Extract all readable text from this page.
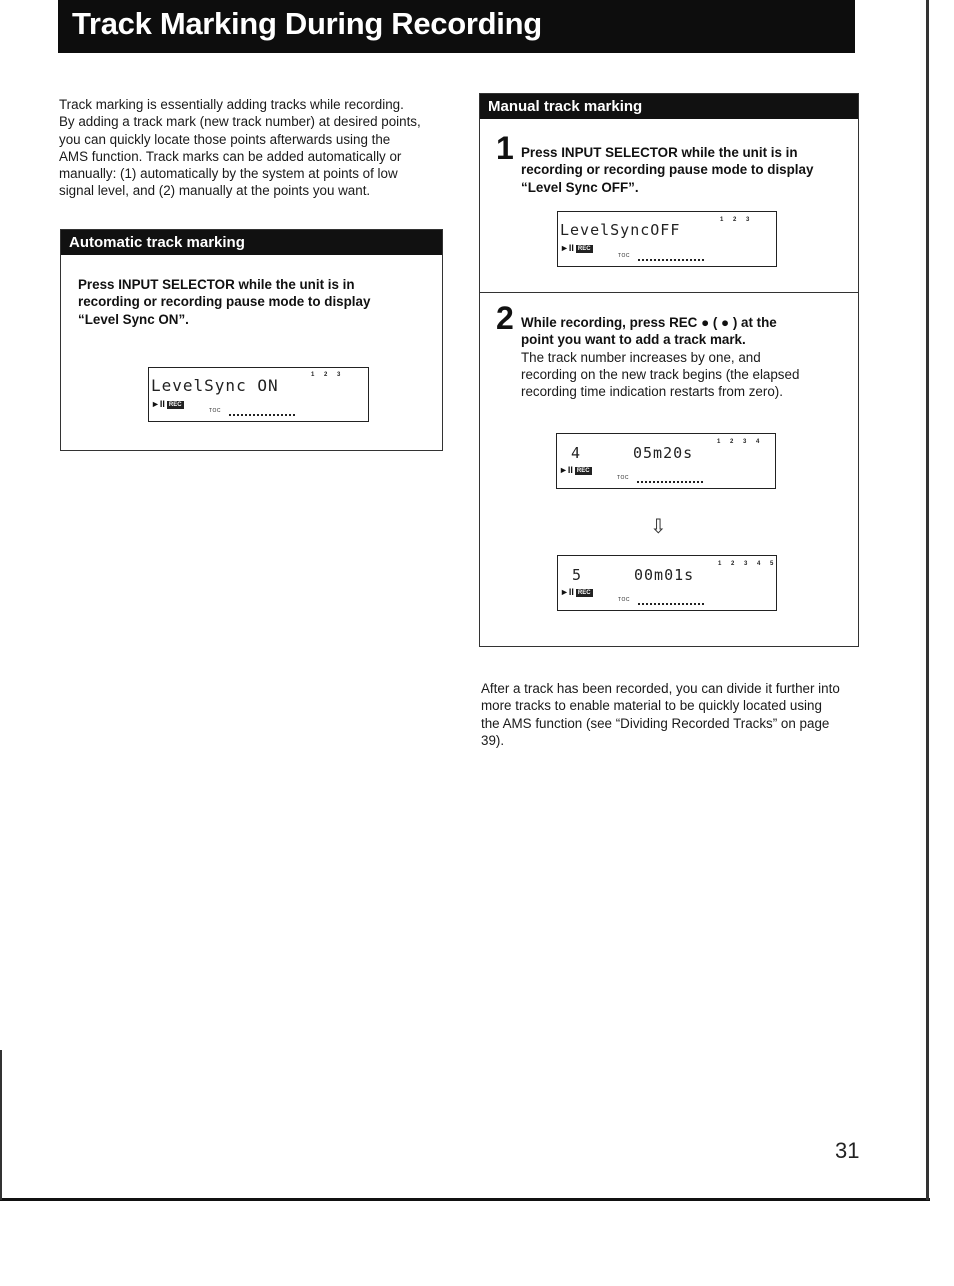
Track Marking During Recording
Track marking is essentially adding tracks while recording.
By adding a track mark (new track number) at desired points,
you can quickly locate those points afterwards using the
AMS function. Track marks can be added automatically or
manually: (1) automatically by the system at points of low
signal level, and (2) manually at the points you want.
Automatic track marking
Press INPUT SELECTOR while the unit is in
recording or recording pause mode to display
“Level Sync ON”.
LevelSync ON
1 2 3
►II REC
TOC
Manual track marking
1 Press INPUT SELECTOR while the unit is in
recording or recording pause mode to display
“Level Sync OFF”.
LevelSyncOFF
1 2 3
►II REC
TOC
2 While recording, press REC ● ( ● ) at the
point you want to add a track mark.
The track number increases by one, and
recording on the new track begins (the elapsed
recording time indication restarts from zero).
4	05m20s
1 2 3 4
►II REC
TOC
⇩
5	00m01s
1 2 3 4 5
►II REC
TOC
After a track has been recorded, you can divide it further into
more tracks to enable material to be quickly located using
the AMS function (see “Dividing Recorded Tracks” on page
39).
31
